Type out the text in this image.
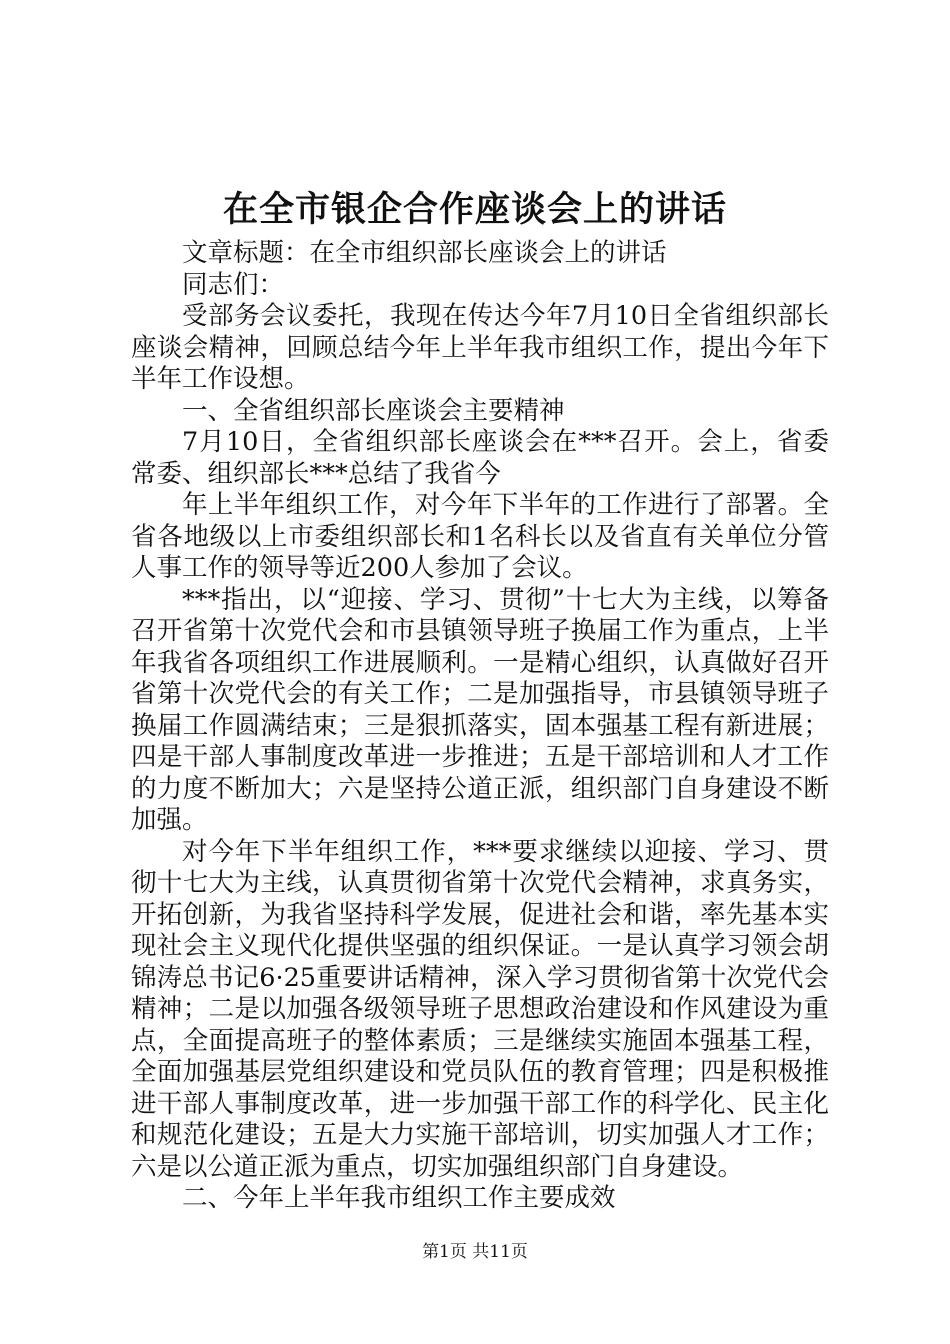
在全市银企合作座谈会上的讲话

文章标题：在全市组织部长座谈会上的讲话

同志们：

受部务会议委托，我现在传达今年7月10日全省组织部长座谈会精神，回顾总结今年上半年我市组织工作，提出今年下半年工作设想。

一、全省组织部长座谈会主要精神

7月10日，全省组织部长座谈会在***召开。会上，省委常委、组织部长***总结了我省今

年上半年组织工作，对今年下半年的工作进行了部署。全省各地级以上市委组织部长和1名科长以及省直有关单位分管人事工作的领导等近200人参加了会议。

***指出，以“迎接、学习、贯彻”十七大为主线，以筹备召开省第十次党代会和市县镇领导班子换届工作为重点，上半年我省各项组织工作进展顺利。一是精心组织，认真做好召开省第十次党代会的有关工作；二是加强指导，市县镇领导班子换届工作圆满结束；三是狠抓落实，固本强基工程有新进展；四是干部人事制度改革进一步推进；五是干部培训和人才工作的力度不断加大；六是坚持公道正派，组织部门自身建设不断加强。

对今年下半年组织工作，***要求继续以迎接、学习、贯彻十七大为主线，认真贯彻省第十次党代会精神，求真务实，开拓创新，为我省坚持科学发展，促进社会和谐，率先基本实现社会主义现代化提供坚强的组织保证。一是认真学习领会胡锦涛总书记6·25重要讲话精神，深入学习贯彻省第十次党代会精神；二是以加强各级领导班子思想政治建设和作风建设为重点，全面提高班子的整体素质；三是继续实施固本强基工程，全面加强基层党组织建设和党员队伍的教育管理；四是积极推进干部人事制度改革，进一步加强干部工作的科学化、民主化和规范化建设；五是大力实施干部培训，切实加强人才工作；六是以公道正派为重点，切实加强组织部门自身建设。

二、今年上半年我市组织工作主要成效

第1页 共11页
